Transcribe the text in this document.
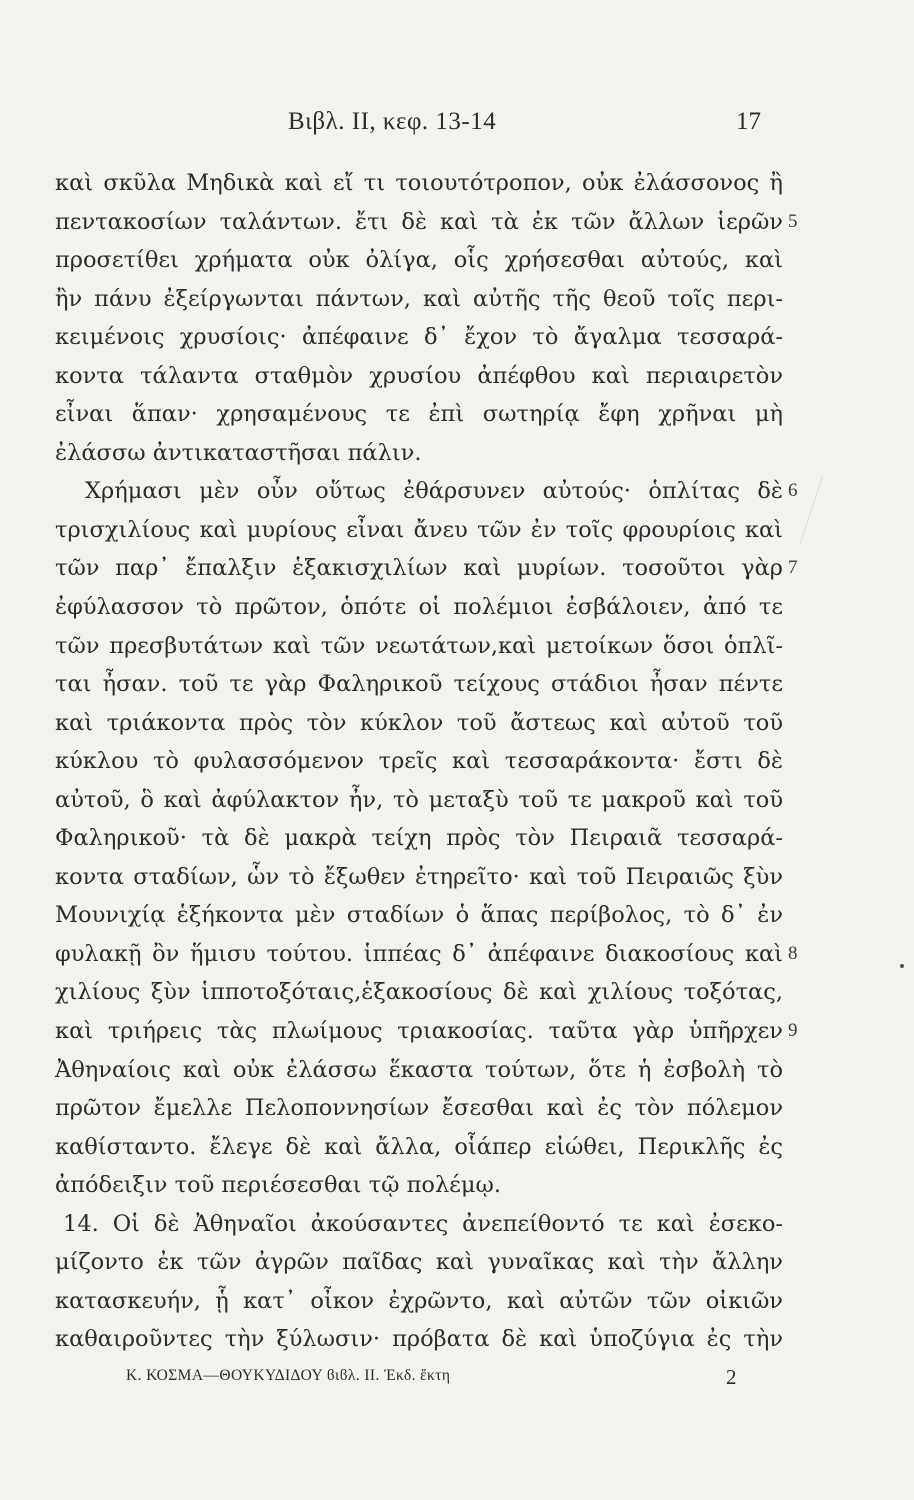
Βιβλ. II, κεφ. 13-14	17
καὶ σκῦλα Μηδικὰ καὶ εἴ τι τοιουτότροπον, οὐκ ἐλάσσονος ἢ
πεντακοσίων ταλάντων. ἔτι δὲ καὶ τὰ ἐκ τῶν ἄλλων ἱερῶν 5
προσετίθει χρήματα οὐκ ὀλίγα, οἷς χρήσεσθαι αὐτούς, καὶ
ἢν πάνυ ἐξείργωνται πάντων, καὶ αὐτῆς τῆς θεοῦ τοῖς περι-
κειμένοις χρυσίοις· ἀπέφαινε δ᾽ ἔχον τὸ ἄγαλμα τεσσαρά-
κοντα τάλαντα σταθμὸν χρυσίου ἀπέφθου καὶ περιαιρετὸν
εἶναι ἅπαν· χρησαμένους τε ἐπὶ σωτηρίᾳ ἔφη χρῆναι μὴ
ἐλάσσω ἀντικαταστῆσαι πάλιν.
Χρήμασι μὲν οὖν οὕτως ἐθάρσυνεν αὐτούς· ὁπλίτας δὲ 6
τρισχιλίους καὶ μυρίους εἶναι ἄνευ τῶν ἐν τοῖς φρουρίοις καὶ
τῶν παρ᾽ ἔπαλξιν ἑξακισχιλίων καὶ μυρίων. τοσοῦτοι γὰρ 7
ἐφύλασσον τὸ πρῶτον, ὁπότε οἱ πολέμιοι ἐσβάλοιεν, ἀπό τε
τῶν πρεσβυτάτων καὶ τῶν νεωτάτων,καὶ μετοίκων ὅσοι ὁπλῖ-
ται ἦσαν. τοῦ τε γὰρ Φαληρικοῦ τείχους στάδιοι ἦσαν πέντε
καὶ τριάκοντα πρὸς τὸν κύκλον τοῦ ἄστεως καὶ αὐτοῦ τοῦ
κύκλου τὸ φυλασσόμενον τρεῖς καὶ τεσσαράκοντα· ἔστι δὲ
αὐτοῦ, ὃ καὶ ἀφύλακτον ἦν, τὸ μεταξὺ τοῦ τε μακροῦ καὶ τοῦ
Φαληρικοῦ· τὰ δὲ μακρὰ τείχη πρὸς τὸν Πειραιᾶ τεσσαρά-
κοντα σταδίων, ὧν τὸ ἔξωθεν ἐτηρεῖτο· καὶ τοῦ Πειραιῶς ξὺν
Μουνιχίᾳ ἑξήκοντα μὲν σταδίων ὁ ἅπας περίβολος, τὸ δ᾽ ἐν
φυλακῇ ὂν ἥμισυ τούτου. ἱππέας δ᾽ ἀπέφαινε διακοσίους καὶ 8
χιλίους ξὺν ἱπποτοξόταις,ἑξακοσίους δὲ καὶ χιλίους τοξότας,
καὶ τριήρεις τὰς πλωίμους τριακοσίας. ταῦτα γὰρ ὑπῆρχεν 9
Ἀθηναίοις καὶ οὐκ ἐλάσσω ἕκαστα τούτων, ὅτε ἡ ἐσβολὴ τὸ
πρῶτον ἔμελλε Πελοποννησίων ἔσεσθαι καὶ ἐς τὸν πόλεμον
καθίσταντο. ἔλεγε δὲ καὶ ἄλλα, οἷάπερ εἰώθει, Περικλῆς ἐς
ἀπόδειξιν τοῦ περιέσεσθαι τῷ πολέμῳ.
14. Οἱ δὲ Ἀθηναῖοι ἀκούσαντες ἀνεπείθοντό τε καὶ ἐσεκο-
μίζοντο ἐκ τῶν ἀγρῶν παῖδας καὶ γυναῖκας καὶ τὴν ἄλλην
κατασκευήν, ᾗ κατ᾽ οἶκον ἐχρῶντο, καὶ αὐτῶν τῶν οἰκιῶν
καθαιροῦντες τὴν ξύλωσιν· πρόβατα δὲ καὶ ὑποζύγια ἐς τὴν
Κ. ΚΟΣΜΑ—ΘΟΥΚΥΔΙΔΟΥ ϐιϐλ. ΙΙ. Ἐκδ. ἕκτη	2
